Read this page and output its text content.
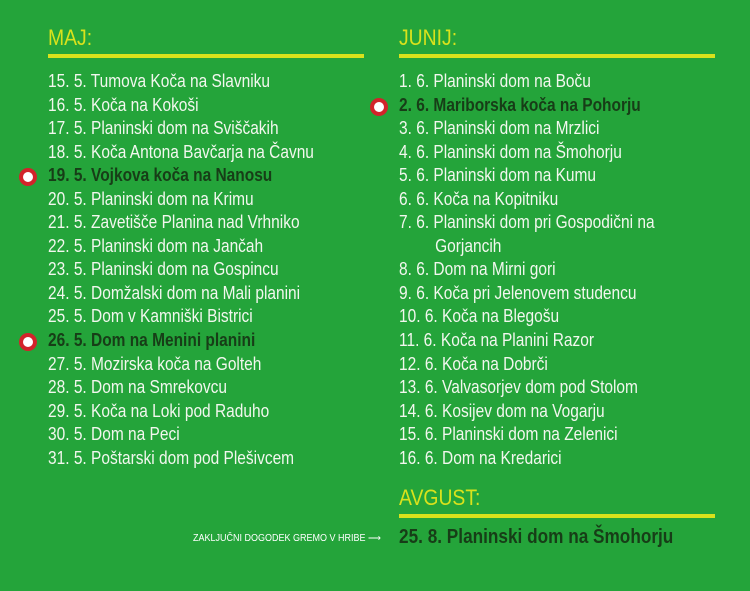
MAJ:
15. 5. Tumova Koča na Slavniku
16. 5. Koča na Kokoši
17. 5. Planinski dom na Sviščakih
18. 5. Koča Antona Bavčarja na Čavnu
19. 5. Vojkova koča na Nanosu
20. 5. Planinski dom na Krimu
21. 5. Zavetišče Planina nad Vrhniko
22. 5. Planinski dom na Jančah
23. 5. Planinski dom na Gospincu
24. 5. Domžalski dom na Mali planini
25. 5. Dom v Kamniški Bistrici
26. 5. Dom na Menini planini
27. 5. Mozirska koča na Golteh
28. 5. Dom na Smrekovcu
29. 5. Koča na Loki pod Raduho
30. 5. Dom na Peci
31. 5. Poštarski dom pod Plešivcem
JUNIJ:
1. 6. Planinski dom na Boču
2. 6. Mariborska koča na Pohorju
3. 6. Planinski dom na Mrzlici
4. 6. Planinski dom na Šmohorju
5. 6. Planinski dom na Kumu
6. 6. Koča na Kopitniku
7. 6. Planinski dom pri Gospodični na
Gorjancih
8. 6. Dom na Mirni gori
9. 6. Koča pri Jelenovem studencu
10. 6. Koča na Blegošu
11. 6. Koča na Planini Razor
12. 6. Koča na Dobrči
13. 6. Valvasorjev dom pod Stolom
14. 6. Kosijev dom na Vogarju
15. 6. Planinski dom na Zelenici
16. 6. Dom na Kredarici
AVGUST:
ZAKLJUČNI DOGODEK GREMO V HRIBE ⟶ 25. 8. Planinski dom na Šmohorju
